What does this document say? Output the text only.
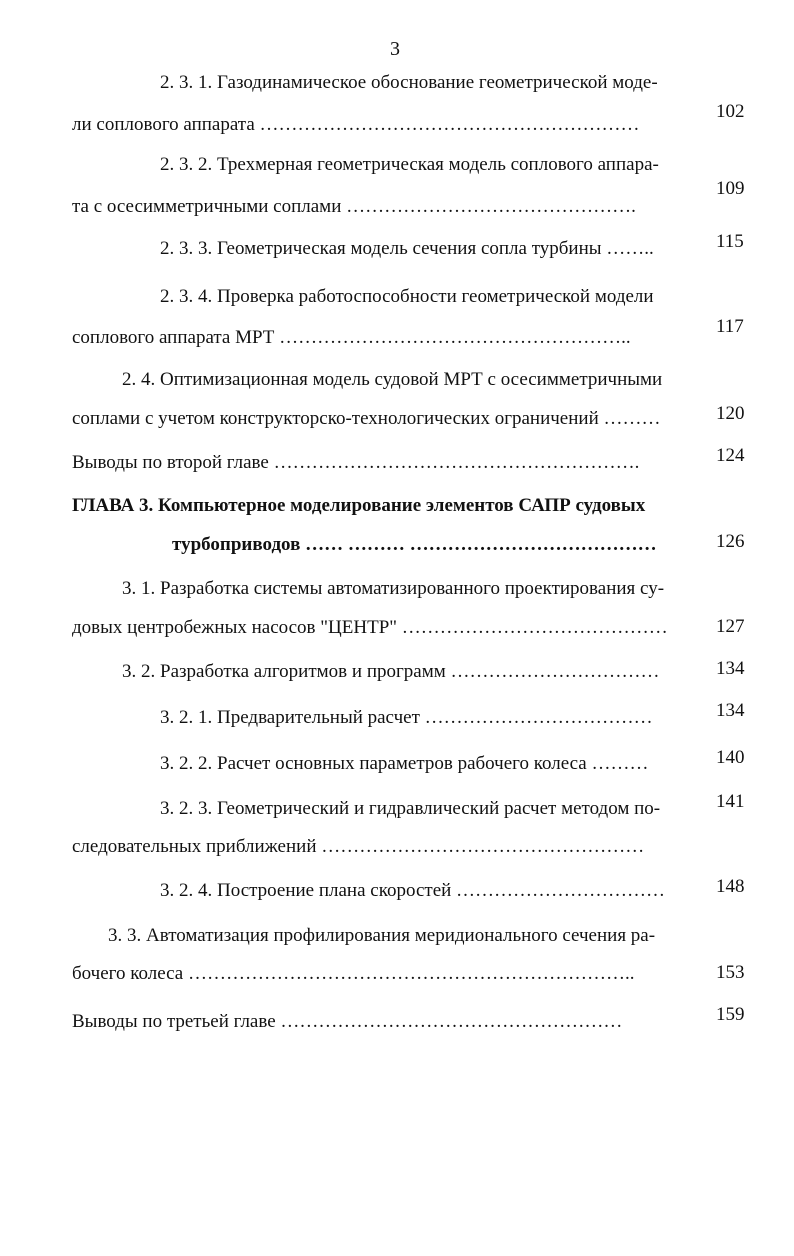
3
2. 3. 1. Газодинамическое обоснование геометрической моде-
ли соплового аппарата ……………………………………………………
102
2. 3. 2. Трехмерная геометрическая модель соплового аппара-
та с осесимметричными соплами ……………………………………….
109
2. 3. 3. Геометрическая модель сечения сопла турбины ……..	115
2. 3. 4. Проверка работоспособности геометрической модели
соплового аппарата МРТ ………………………………………………..
117
2. 4. Оптимизационная модель судовой МРТ с осесимметричными
соплами с учетом конструкторско-технологических ограничений ………	120
Выводы по второй главе ………………………………………………….	124
ГЛАВА 3. Компьютерное моделирование элементов САПР судовых
турбоприводов …… ……… …………………………………	126
3. 1. Разработка системы автоматизированного проектирования су-
довых центробежных насосов "ЦЕНТР" ……………………………………	127
3. 2. Разработка алгоритмов и программ ……………………………	134
3. 2. 1. Предварительный расчет ………………………………	134
3. 2. 2. Расчет основных параметров рабочего колеса ………	140
3. 2. 3. Геометрический и гидравлический расчет методом по-
следовательных приближений ……………………………………………
141
3. 2. 4. Построение плана скоростей ……………………………	148
3. 3. Автоматизация профилирования меридионального сечения ра-
бочего колеса ……………………………………………………………..	153
Выводы по третьей главе ………………………………………………	159
